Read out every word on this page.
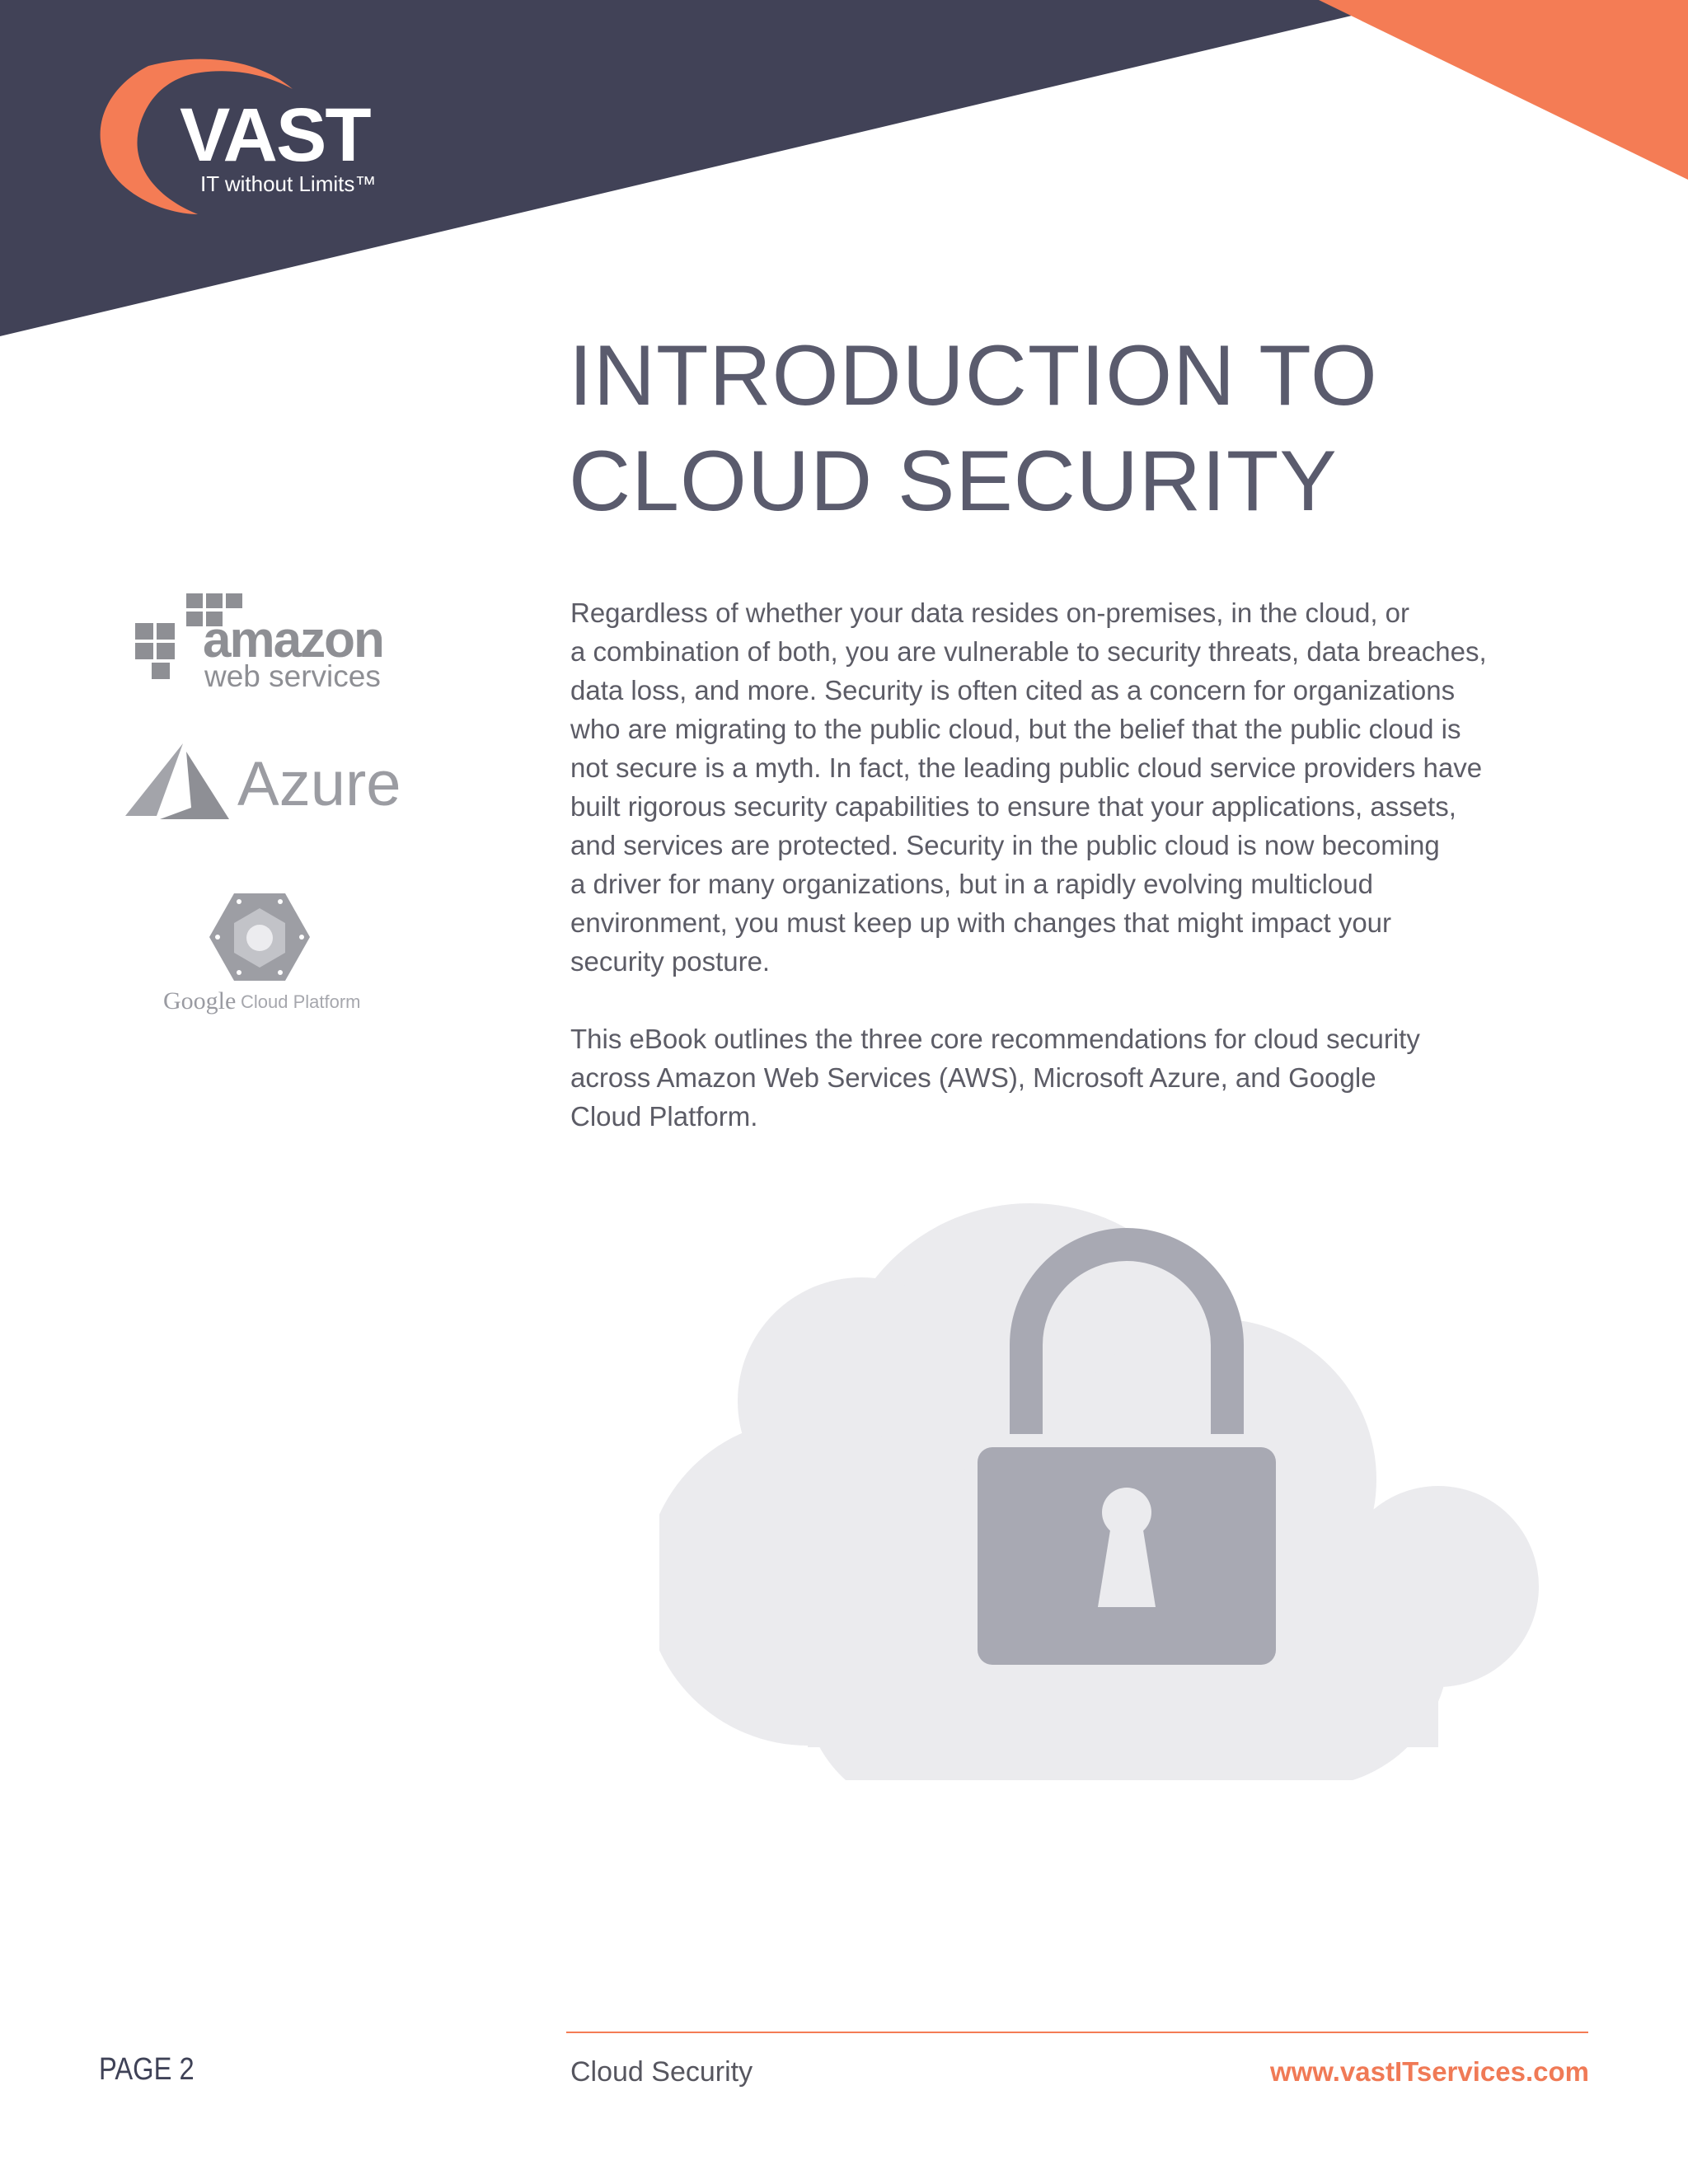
VAST
IT without Limits™
INTRODUCTION TO
CLOUD SECURITY
amazon
web services
Azure
Google Cloud Platform
Regardless of whether your data resides on-premises, in the cloud, or
a combination of both, you are vulnerable to security threats, data breaches,
data loss, and more. Security is often cited as a concern for organizations
who are migrating to the public cloud, but the belief that the public cloud is
not secure is a myth. In fact, the leading public cloud service providers have
built rigorous security capabilities to ensure that your applications, assets,
and services are protected. Security in the public cloud is now becoming
a driver for many organizations, but in a rapidly evolving multicloud
environment, you must keep up with changes that might impact your
security posture.
This eBook outlines the three core recommendations for cloud security
across Amazon Web Services (AWS), Microsoft Azure, and Google
Cloud Platform.
PAGE 2	Cloud Security	www.vastITservices.com
